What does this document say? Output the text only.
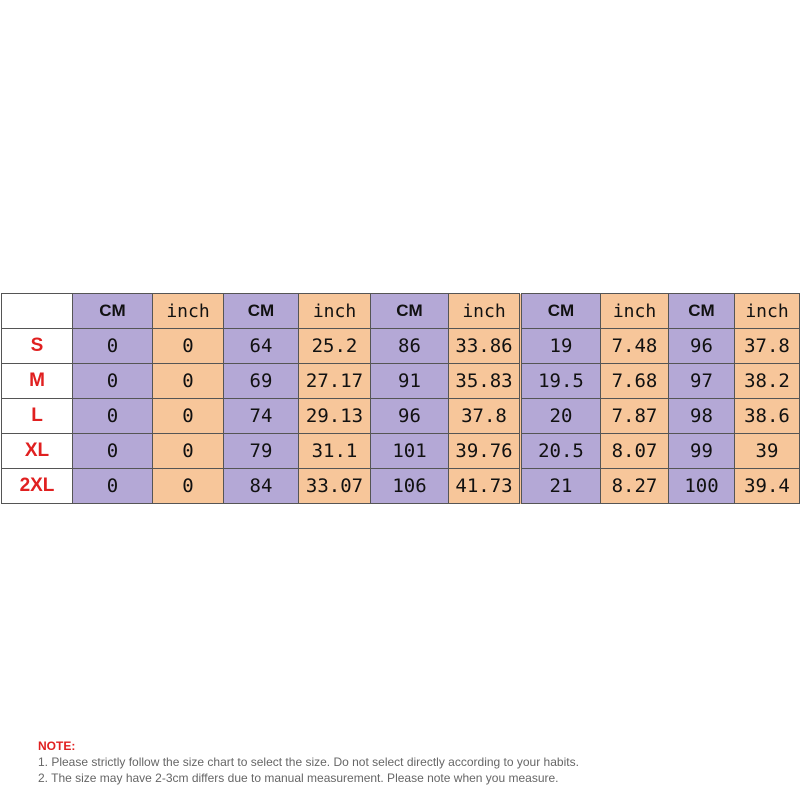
	CM	inch	CM	inch	CM	inch	CM	inch	CM	inch
S	0	0	64	25.2	86	33.86	19	7.48	96	37.8
M	0	0	69	27.17	91	35.83	19.5	7.68	97	38.2
L	0	0	74	29.13	96	37.8	20	7.87	98	38.6
XL	0	0	79	31.1	101	39.76	20.5	8.07	99	39
2XL	0	0	84	33.07	106	41.73	21	8.27	100	39.4
NOTE:
1. Please strictly follow the size chart to select the size. Do not select directly according to your habits.
2. The size may have 2-3cm differs due to manual measurement. Please note when you measure.
